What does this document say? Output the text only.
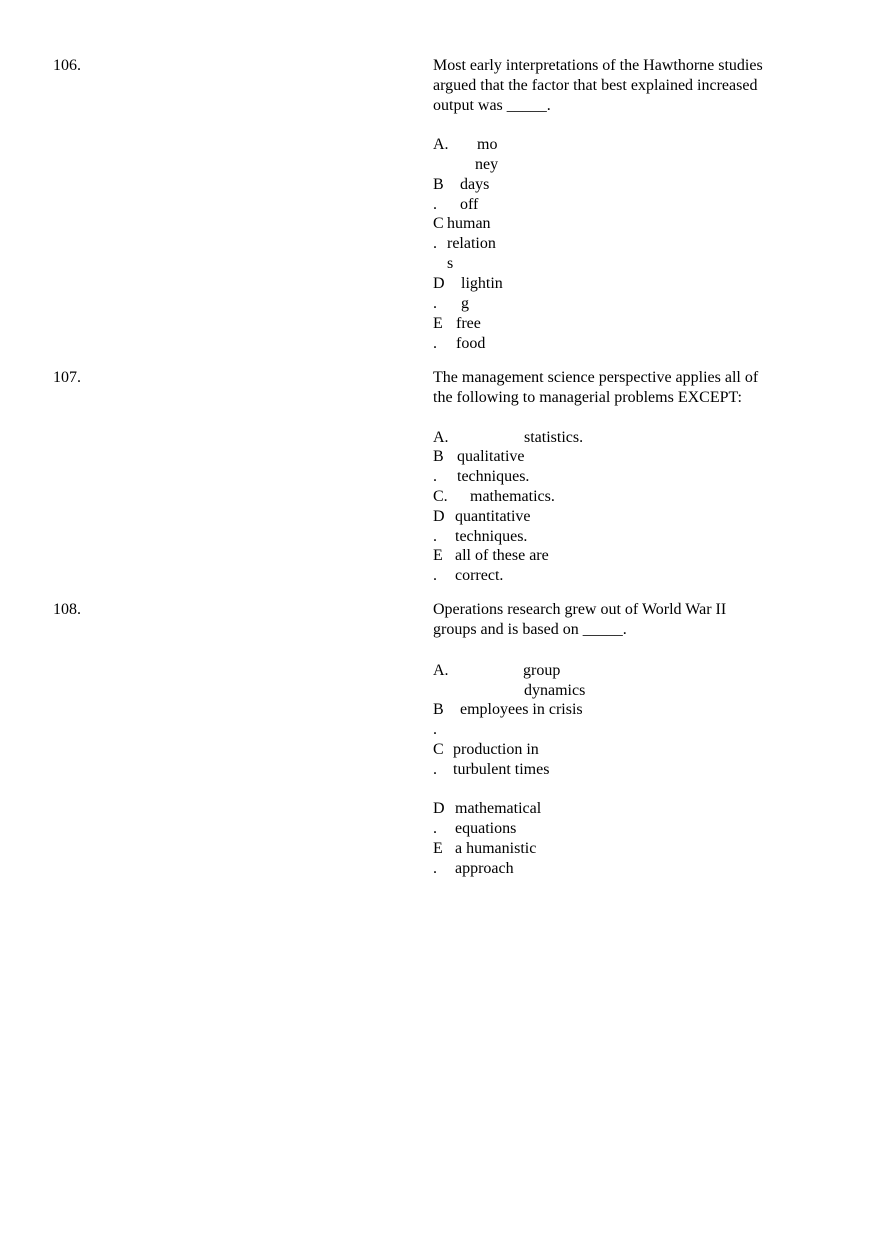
106.	Most early interpretations of the Hawthorne studies
argued that the factor that best explained increased
output was _____.
A. mo
ney
B
.
days
off
C
.
human
relation
s
D
.
lightin
g
E
.
free
food
107.	The management science perspective applies all of
the following to managerial problems EXCEPT:
A.	statistics.
B
.
qualitative
techniques.
C. mathematics.
D
.
quantitative
techniques.
E
.
all of these are
correct.
108.	Operations research grew out of World War II
groups and is based on _____.
A.	group
dynamics
B
.
employees in crisis
C
.
production in
turbulent times
D
.
mathematical
equations
E
.
a humanistic
approach
